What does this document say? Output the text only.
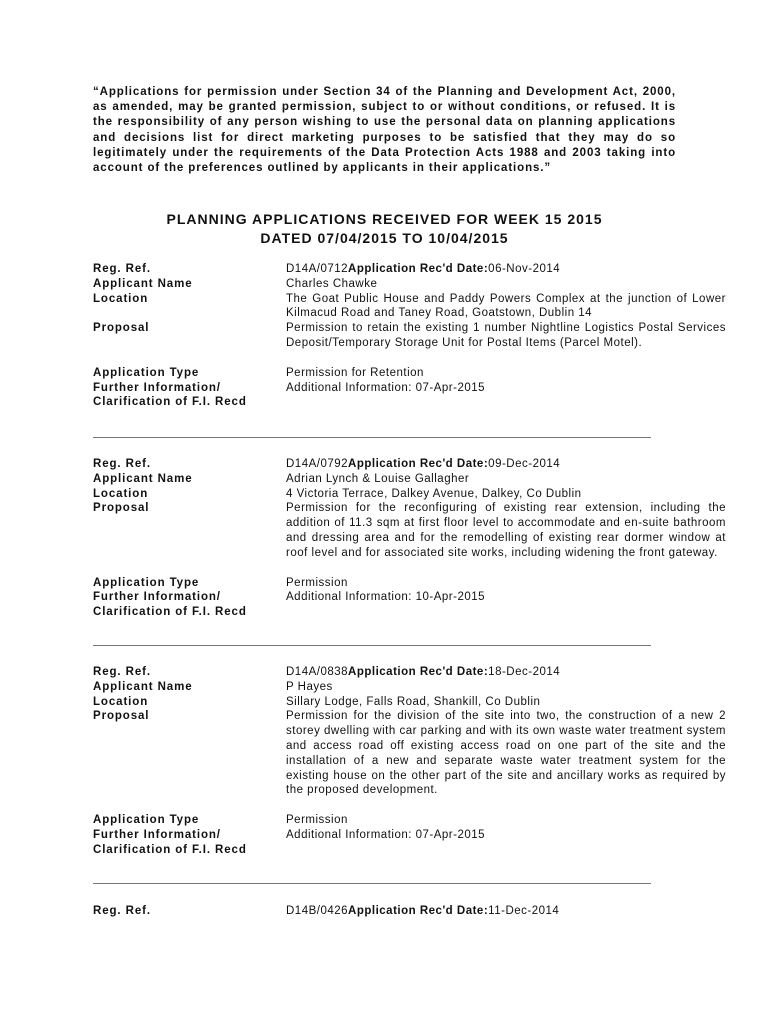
“Applications for permission under Section 34 of the Planning and Development Act, 2000, as amended, may be granted permission, subject to or without conditions, or refused. It is the responsibility of any person wishing to use the personal data on planning applications and decisions list for direct marketing purposes to be satisfied that they may do so legitimately under the requirements of the Data Protection Acts 1988 and 2003 taking into account of the preferences outlined by applicants in their applications.”
PLANNING APPLICATIONS RECEIVED FOR WEEK 15 2015
DATED 07/04/2015 TO 10/04/2015
Reg. Ref.	D14A/0712Application Rec'd Date:06-Nov-2014
Applicant Name	Charles Chawke
Location	The Goat Public House and Paddy Powers Complex at the junction of Lower Kilmacud Road and Taney Road, Goatstown, Dublin 14
Proposal	Permission to retain the existing 1 number Nightline Logistics Postal Services Deposit/Temporary Storage Unit for Postal Items (Parcel Motel).
Application Type	Permission for Retention
Further Information/	Additional Information: 07-Apr-2015
Clarification of F.I. Recd
Reg. Ref.	D14A/0792Application Rec'd Date:09-Dec-2014
Applicant Name	Adrian Lynch & Louise Gallagher
Location	4 Victoria Terrace, Dalkey Avenue, Dalkey, Co Dublin
Proposal	Permission for the reconfiguring of existing rear extension, including the addition of 11.3 sqm at first floor level to accommodate and en-suite bathroom and dressing area and for the remodelling of existing rear dormer window at roof level and for associated site works, including widening the front gateway.
Application Type	Permission
Further Information/	Additional Information: 10-Apr-2015
Clarification of F.I. Recd
Reg. Ref.	D14A/0838Application Rec'd Date:18-Dec-2014
Applicant Name	P Hayes
Location	Sillary Lodge, Falls Road, Shankill, Co Dublin
Proposal	Permission for the division of the site into two, the construction of a new 2 storey dwelling with car parking and with its own waste water treatment system and access road off existing access road on one part of the site and the installation of a new and separate waste water treatment system for the existing house on the other part of the site and ancillary works as required by the proposed development.
Application Type	Permission
Further Information/	Additional Information: 07-Apr-2015
Clarification of F.I. Recd
Reg. Ref.	D14B/0426Application Rec'd Date:11-Dec-2014
